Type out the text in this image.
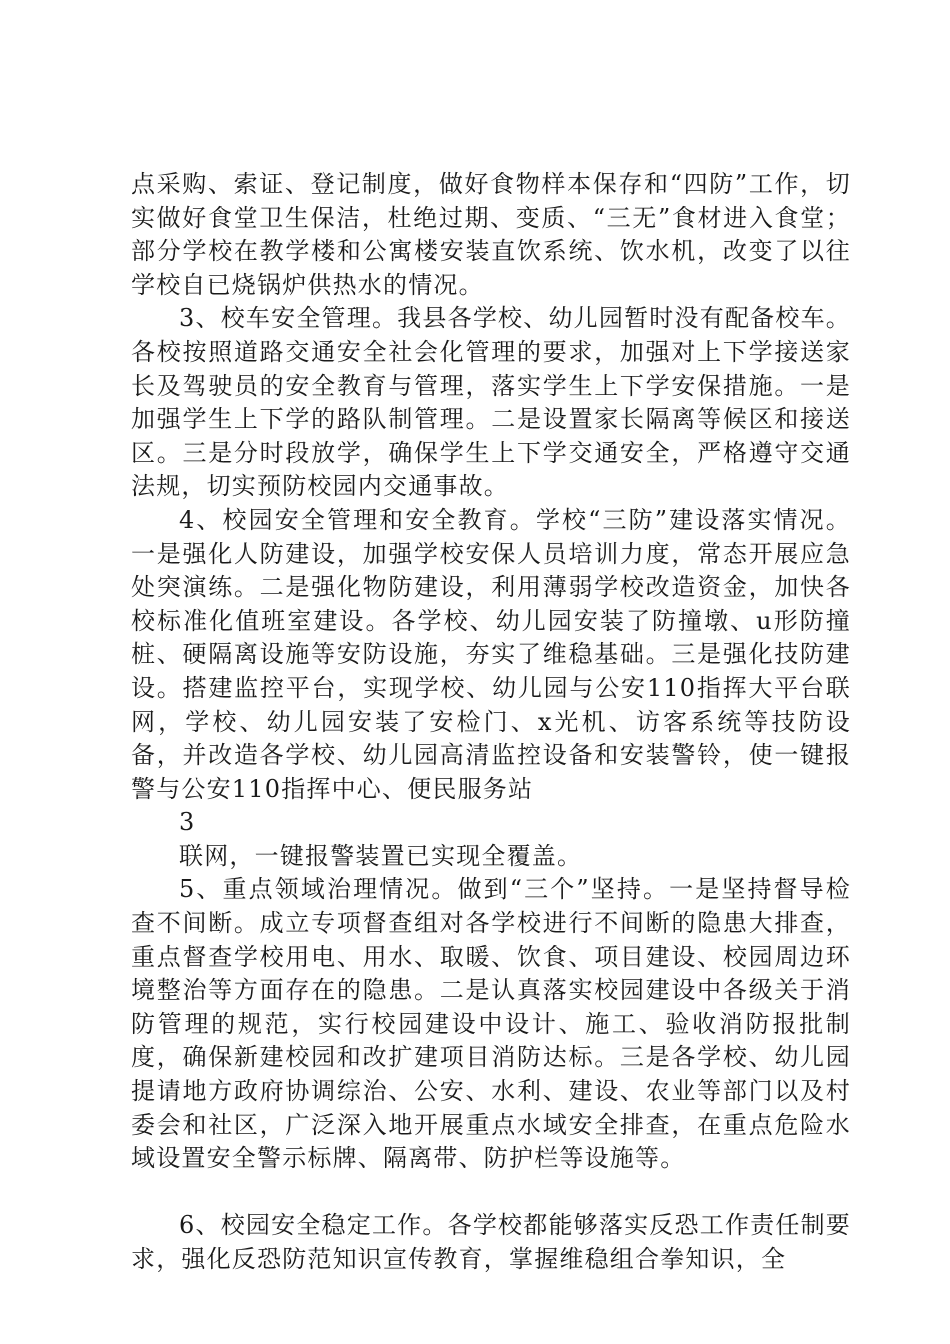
点采购、索证、登记制度，做好食物样本保存和“四防”工作，切实做好食堂卫生保洁，杜绝过期、变质、“三无”食材进入食堂；部分学校在教学楼和公寓楼安装直饮系统、饮水机，改变了以往学校自已烧锅炉供热水的情况。

3、校车安全管理。我县各学校、幼儿园暂时没有配备校车。各校按照道路交通安全社会化管理的要求，加强对上下学接送家长及驾驶员的安全教育与管理，落实学生上下学安保措施。一是加强学生上下学的路队制管理。二是设置家长隔离等候区和接送区。三是分时段放学，确保学生上下学交通安全，严格遵守交通法规，切实预防校园内交通事故。

4、校园安全管理和安全教育。学校“三防”建设落实情况。一是强化人防建设，加强学校安保人员培训力度，常态开展应急处突演练。二是强化物防建设，利用薄弱学校改造资金，加快各校标准化值班室建设。各学校、幼儿园安装了防撞墩、u形防撞桩、硬隔离设施等安防设施，夯实了维稳基础。三是强化技防建设。搭建监控平台，实现学校、幼儿园与公安110指挥大平台联网，学校、幼儿园安装了安检门、x光机、访客系统等技防设备，并改造各学校、幼儿园高清监控设备和安装警铃，使一键报警与公安110指挥中心、便民服务站

3

联网，一键报警装置已实现全覆盖。

5、重点领域治理情况。做到“三个”坚持。一是坚持督导检查不间断。成立专项督查组对各学校进行不间断的隐患大排查，重点督查学校用电、用水、取暖、饮食、项目建设、校园周边环境整治等方面存在的隐患。二是认真落实校园建设中各级关于消防管理的规范，实行校园建设中设计、施工、验收消防报批制度，确保新建校园和改扩建项目消防达标。三是各学校、幼儿园提请地方政府协调综治、公安、水利、建设、农业等部门以及村委会和社区，广泛深入地开展重点水域安全排查，在重点危险水域设置安全警示标牌、隔离带、防护栏等设施等。

6、校园安全稳定工作。各学校都能够落实反恐工作责任制要求，强化反恐防范知识宣传教育，掌握维稳组合拳知识，全
